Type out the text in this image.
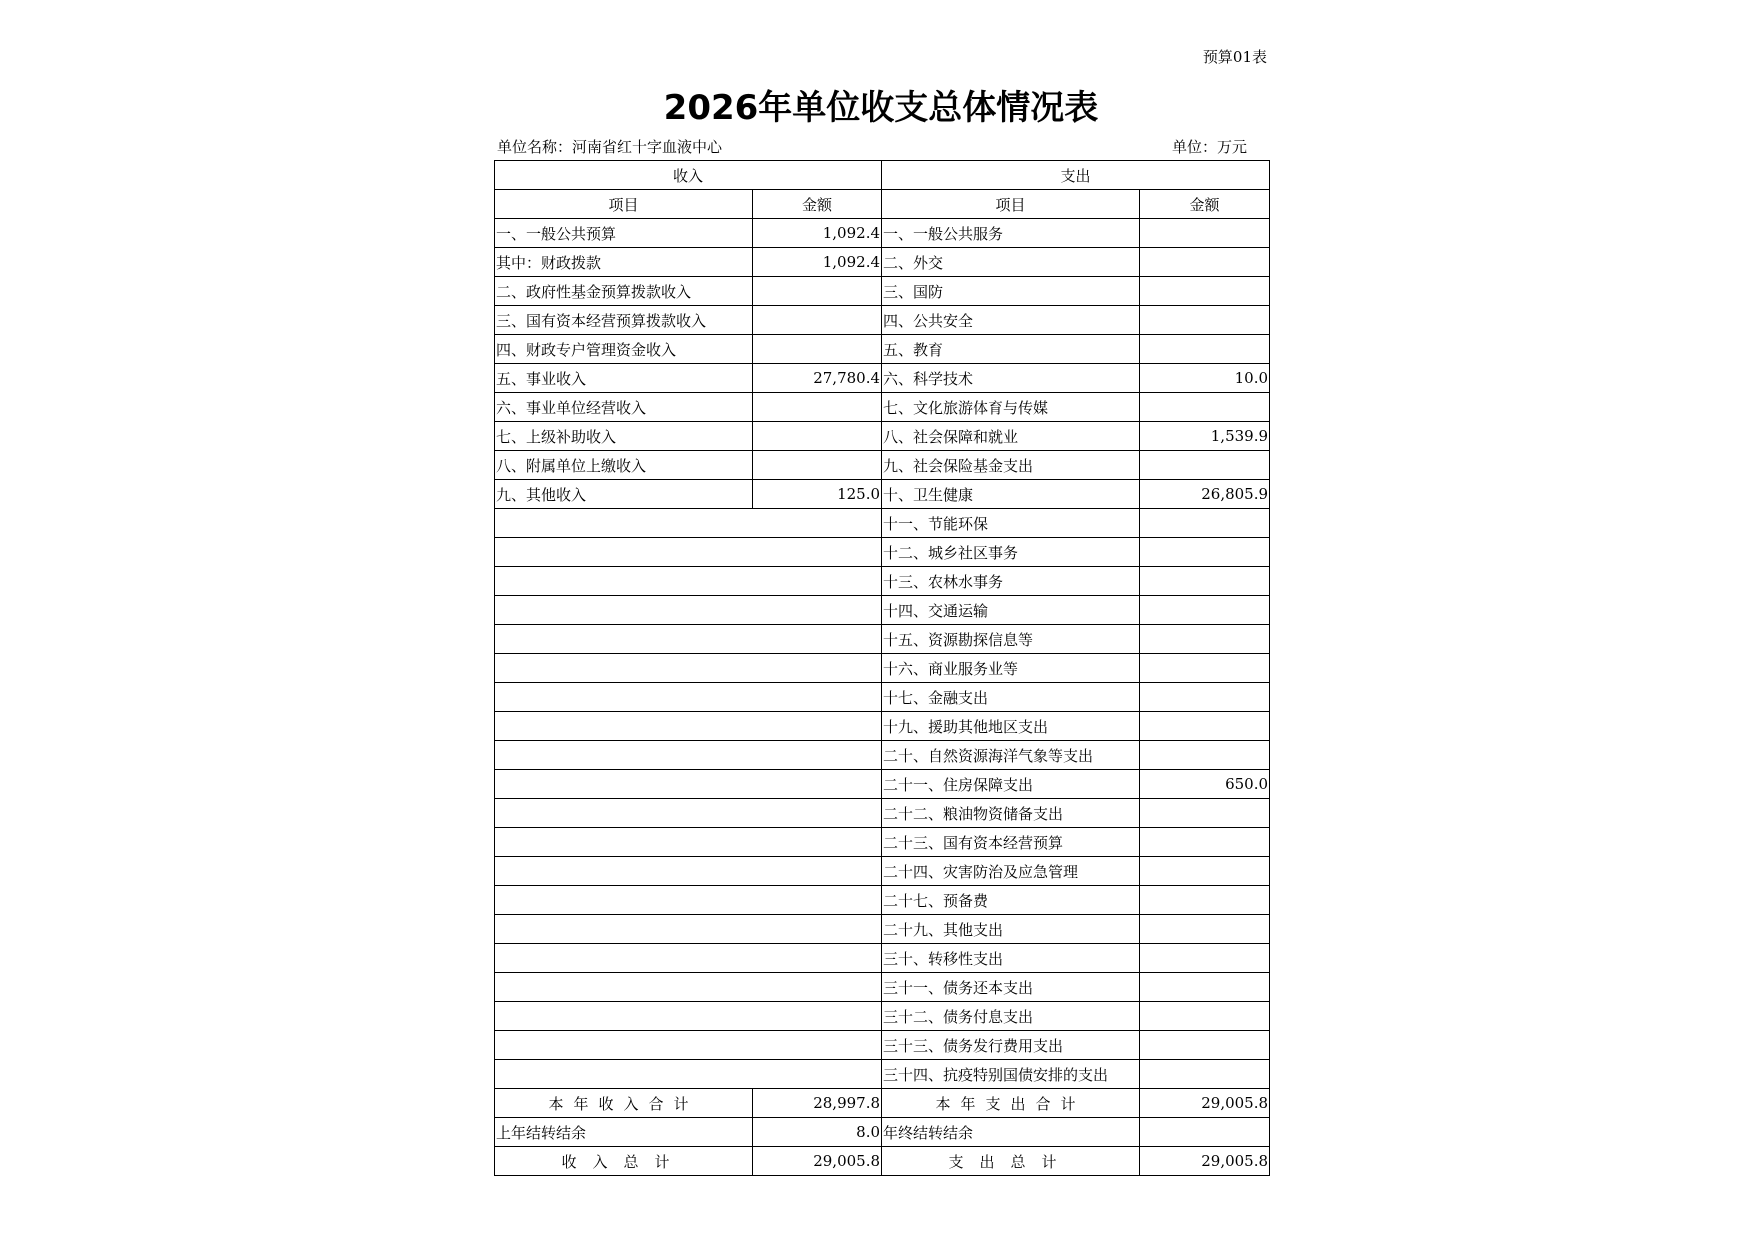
预算01表
2026年单位收支总体情况表
单位名称：河南省红十字血液中心	单位：万元
收入		支出	
项目	金额	项目	金额
一、一般公共预算	1,092.4	一、一般公共服务	
其中：财政拨款	1,092.4	二、外交	
二、政府性基金预算拨款收入		三、国防	
三、国有资本经营预算拨款收入		四、公共安全	
四、财政专户管理资金收入		五、教育	
五、事业收入	27,780.4	六、科学技术	10.0
六、事业单位经营收入		七、文化旅游体育与传媒	
七、上级补助收入		八、社会保障和就业	1,539.9
八、附属单位上缴收入		九、社会保险基金支出	
九、其他收入	125.0	十、卫生健康	26,805.9
		十一、节能环保	
		十二、城乡社区事务	
		十三、农林水事务	
		十四、交通运输	
		十五、资源勘探信息等	
		十六、商业服务业等	
		十七、金融支出	
		十九、援助其他地区支出	
		二十、自然资源海洋气象等支出	
		二十一、住房保障支出	650.0
		二十二、粮油物资储备支出	
		二十三、国有资本经营预算	
		二十四、灾害防治及应急管理	
		二十七、预备费	
		二十九、其他支出	
		三十、转移性支出	
		三十一、债务还本支出	
		三十二、债务付息支出	
		三十三、债务发行费用支出	
		三十四、抗疫特别国债安排的支出	
本年收入合计	28,997.8	本年支出合计	29,005.8
上年结转结余	8.0	年终结转结余	
收入总计	29,005.8	支出总计	29,005.8
